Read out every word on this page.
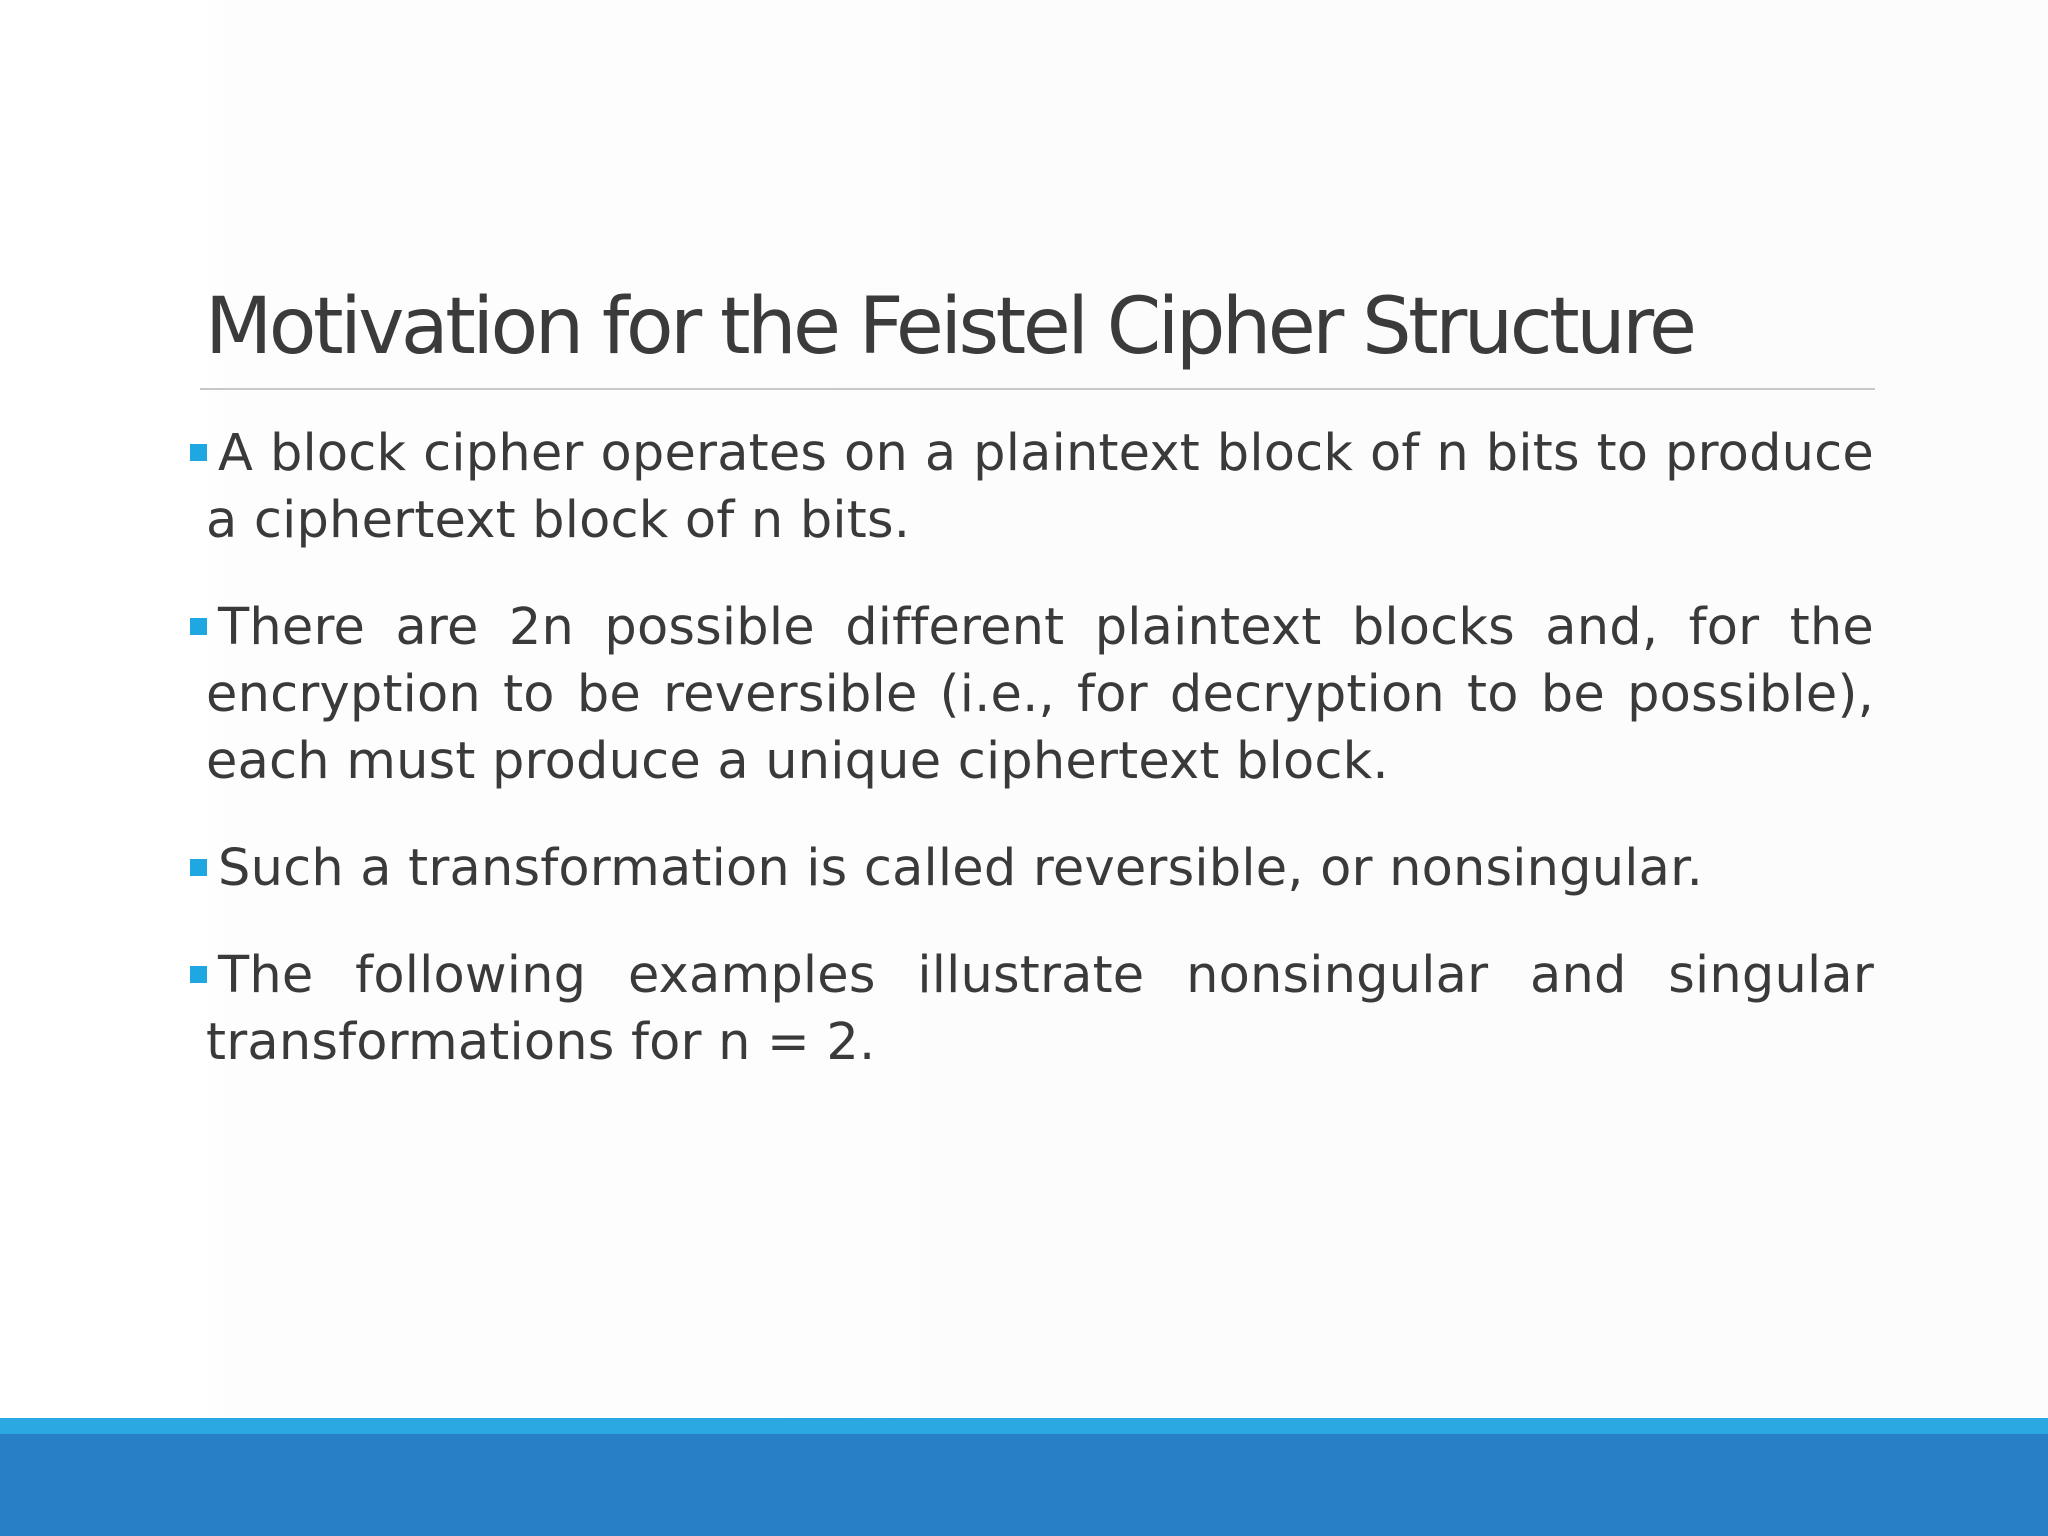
Motivation for the Feistel Cipher Structure
A block cipher operates on a plaintext block of n bits to produce a ciphertext block of n bits.
There are 2n possible different plaintext blocks and, for the encryption to be reversible (i.e., for decryption to be possible), each must produce a unique ciphertext block.
Such a transformation is called reversible, or nonsingular.
The following examples illustrate nonsingular and singular transformations for n = 2.
